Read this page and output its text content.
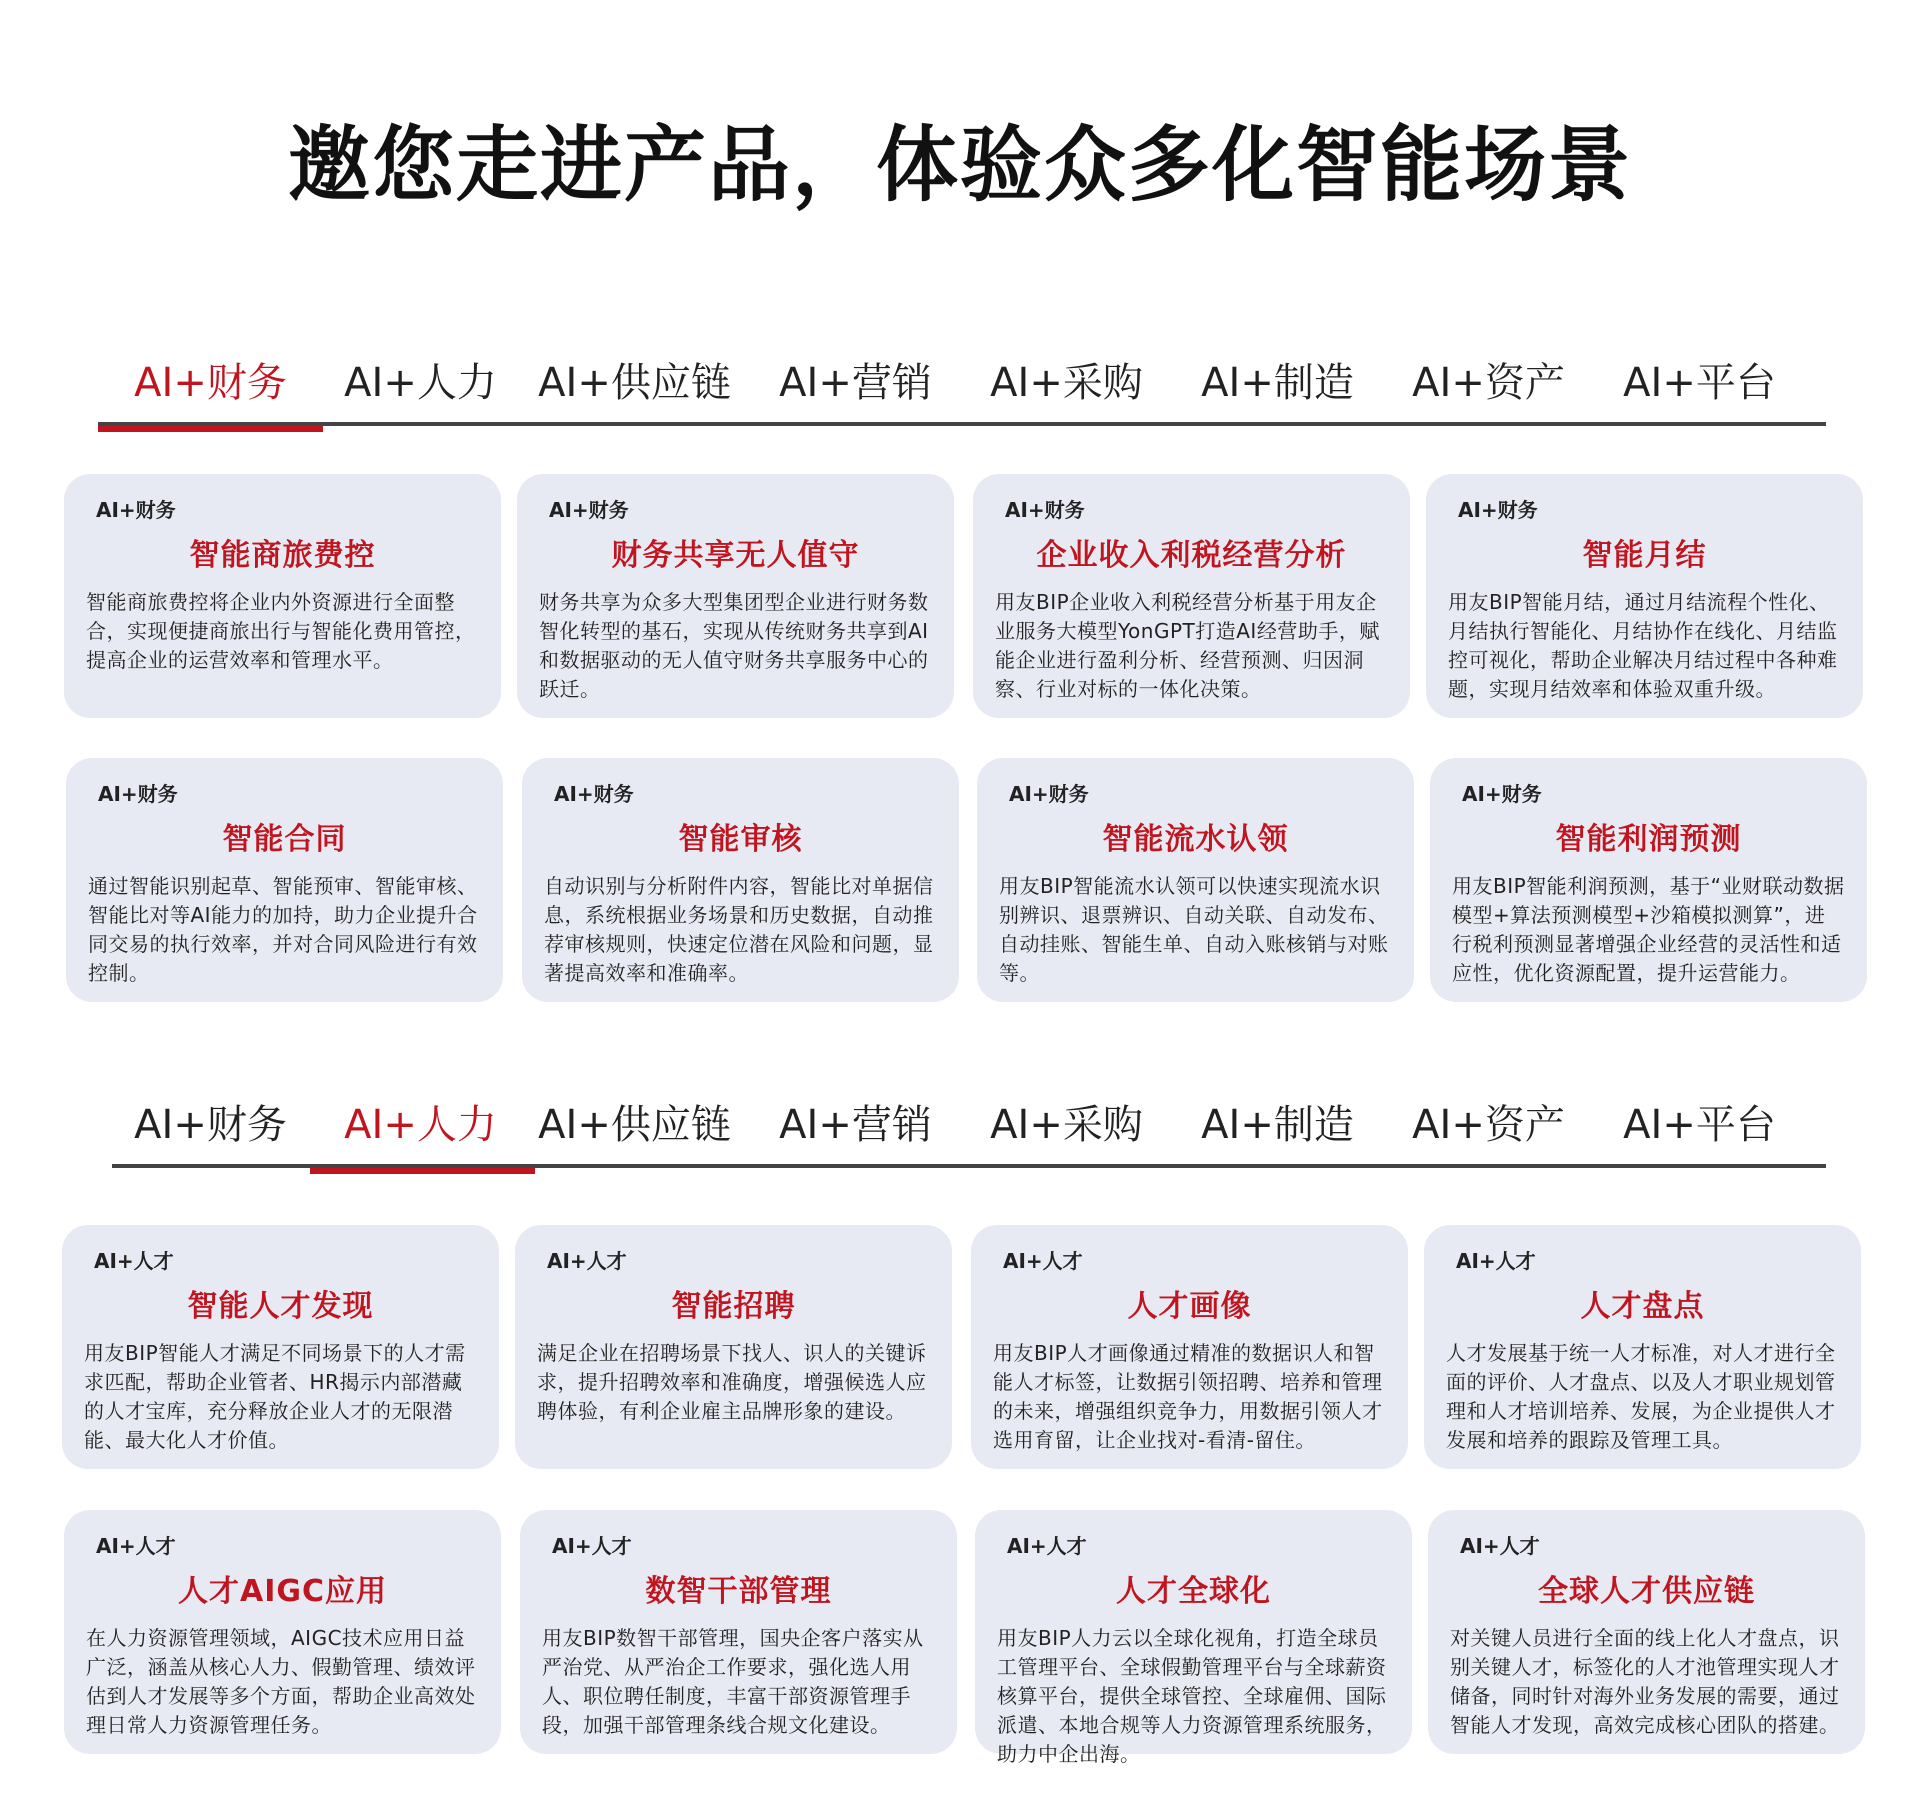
邀您走进产品，体验众多化智能场景
AI+财务	AI+人力	AI+供应链	AI+营销	AI+采购	AI+制造	AI+资产	AI+平台
AI+财务
智能商旅费控
智能商旅费控将企业内外资源进行全面整合，实现便捷商旅出行与智能化费用管控，提高企业的运营效率和管理水平。
AI+财务
财务共享无人值守
财务共享为众多大型集团型企业进行财务数智化转型的基石，实现从传统财务共享到AI和数据驱动的无人值守财务共享服务中心的跃迁。
AI+财务
企业收入利税经营分析
用友BIP企业收入利税经营分析基于用友企业服务大模型YonGPT打造AI经营助手，赋能企业进行盈利分析、经营预测、归因洞察、行业对标的一体化决策。
AI+财务
智能月结
用友BIP智能月结，通过月结流程个性化、月结执行智能化、月结协作在线化、月结监控可视化，帮助企业解决月结过程中各种难题，实现月结效率和体验双重升级。
AI+财务
智能合同
通过智能识别起草、智能预审、智能审核、智能比对等AI能力的加持，助力企业提升合同交易的执行效率，并对合同风险进行有效控制。
AI+财务
智能审核
自动识别与分析附件内容，智能比对单据信息，系统根据业务场景和历史数据，自动推荐审核规则，快速定位潜在风险和问题，显著提高效率和准确率。
AI+财务
智能流水认领
用友BIP智能流水认领可以快速实现流水识别辨识、退票辨识、自动关联、自动发布、自动挂账、智能生单、自动入账核销与对账等。
AI+财务
智能利润预测
用友BIP智能利润预测，基于“业财联动数据模型+算法预测模型+沙箱模拟测算”，进行税利预测显著增强企业经营的灵活性和适应性，优化资源配置，提升运营能力。
AI+财务	AI+人力	AI+供应链	AI+营销	AI+采购	AI+制造	AI+资产	AI+平台
AI+人才
智能人才发现
用友BIP智能人才满足不同场景下的人才需求匹配，帮助企业管者、HR揭示内部潜藏的人才宝库，充分释放企业人才的无限潜能、最大化人才价值。
AI+人才
智能招聘
满足企业在招聘场景下找人、识人的关键诉求，提升招聘效率和准确度，增强候选人应聘体验，有利企业雇主品牌形象的建设。
AI+人才
人才画像
用友BIP人才画像通过精准的数据识人和智能人才标签，让数据引领招聘、培养和管理的未来，增强组织竞争力，用数据引领人才选用育留，让企业找对-看清-留住。
AI+人才
人才盘点
人才发展基于统一人才标准，对人才进行全面的评价、人才盘点、以及人才职业规划管理和人才培训培养、发展，为企业提供人才发展和培养的跟踪及管理工具。
AI+人才
人才AIGC应用
在人力资源管理领域，AIGC技术应用日益广泛，涵盖从核心人力、假勤管理、绩效评估到人才发展等多个方面，帮助企业高效处理日常人力资源管理任务。
AI+人才
数智干部管理
用友BIP数智干部管理，国央企客户落实从严治党、从严治企工作要求，强化选人用人、职位聘任制度，丰富干部资源管理手段，加强干部管理条线合规文化建设。
AI+人才
人才全球化
用友BIP人力云以全球化视角，打造全球员工管理平台、全球假勤管理平台与全球薪资核算平台，提供全球管控、全球雇佣、国际派遣、本地合规等人力资源管理系统服务，助力中企出海。
AI+人才
全球人才供应链
对关键人员进行全面的线上化人才盘点，识别关键人才，标签化的人才池管理实现人才储备，同时针对海外业务发展的需要，通过智能人才发现，高效完成核心团队的搭建。
